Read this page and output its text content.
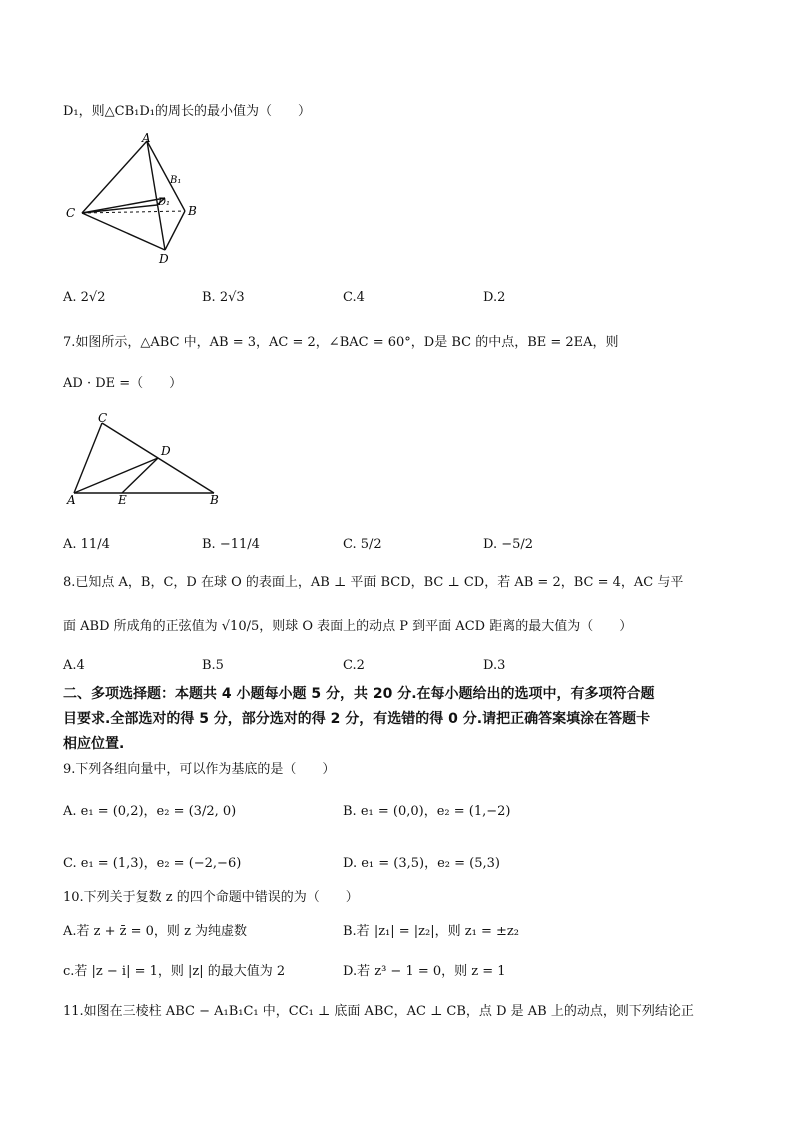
D₁，则△CB₁D₁的周长的最小值为（　　）
A
B₁
D₁
C	B
D
A. 2√2	B. 2√3	C.4	D.2
7.如图所示，△ABC 中，AB = 3，AC = 2，∠BAC = 60°，D是 BC 的中点，BE = 2EA，则
AD · DE =（　　）
C
D
A	E	B
A. 11/4	B. −11/4	C. 5/2	D. −5/2
8.已知点 A，B，C，D 在球 O 的表面上，AB ⊥ 平面 BCD，BC ⊥ CD，若 AB = 2，BC = 4，AC 与平
面 ABD 所成角的正弦值为 √10/5，则球 O 表面上的动点 P 到平面 ACD 距离的最大值为（　　）
A.4	B.5	C.2	D.3
二、多项选择题：本题共 4 小题每小题 5 分，共 20 分.在每小题给出的选项中，有多项符合题
目要求.全部选对的得 5 分，部分选对的得 2 分，有选错的得 0 分.请把正确答案填涂在答题卡
相应位置.
9.下列各组向量中，可以作为基底的是（　　）
A. e₁ = (0,2)，e₂ = (3/2, 0)	B. e₁ = (0,0)，e₂ = (1,−2)
C. e₁ = (1,3)，e₂ = (−2,−6)	D. e₁ = (3,5)，e₂ = (5,3)
10.下列关于复数 z 的四个命题中错误的为（　　）
A.若 z + z̄ = 0，则 z 为纯虚数	B.若 |z₁| = |z₂|，则 z₁ = ±z₂
c.若 |z − i| = 1，则 |z| 的最大值为 2	D.若 z³ − 1 = 0，则 z = 1
11.如图在三棱柱 ABC − A₁B₁C₁ 中，CC₁ ⊥ 底面 ABC，AC ⊥ CB，点 D 是 AB 上的动点，则下列结论正
